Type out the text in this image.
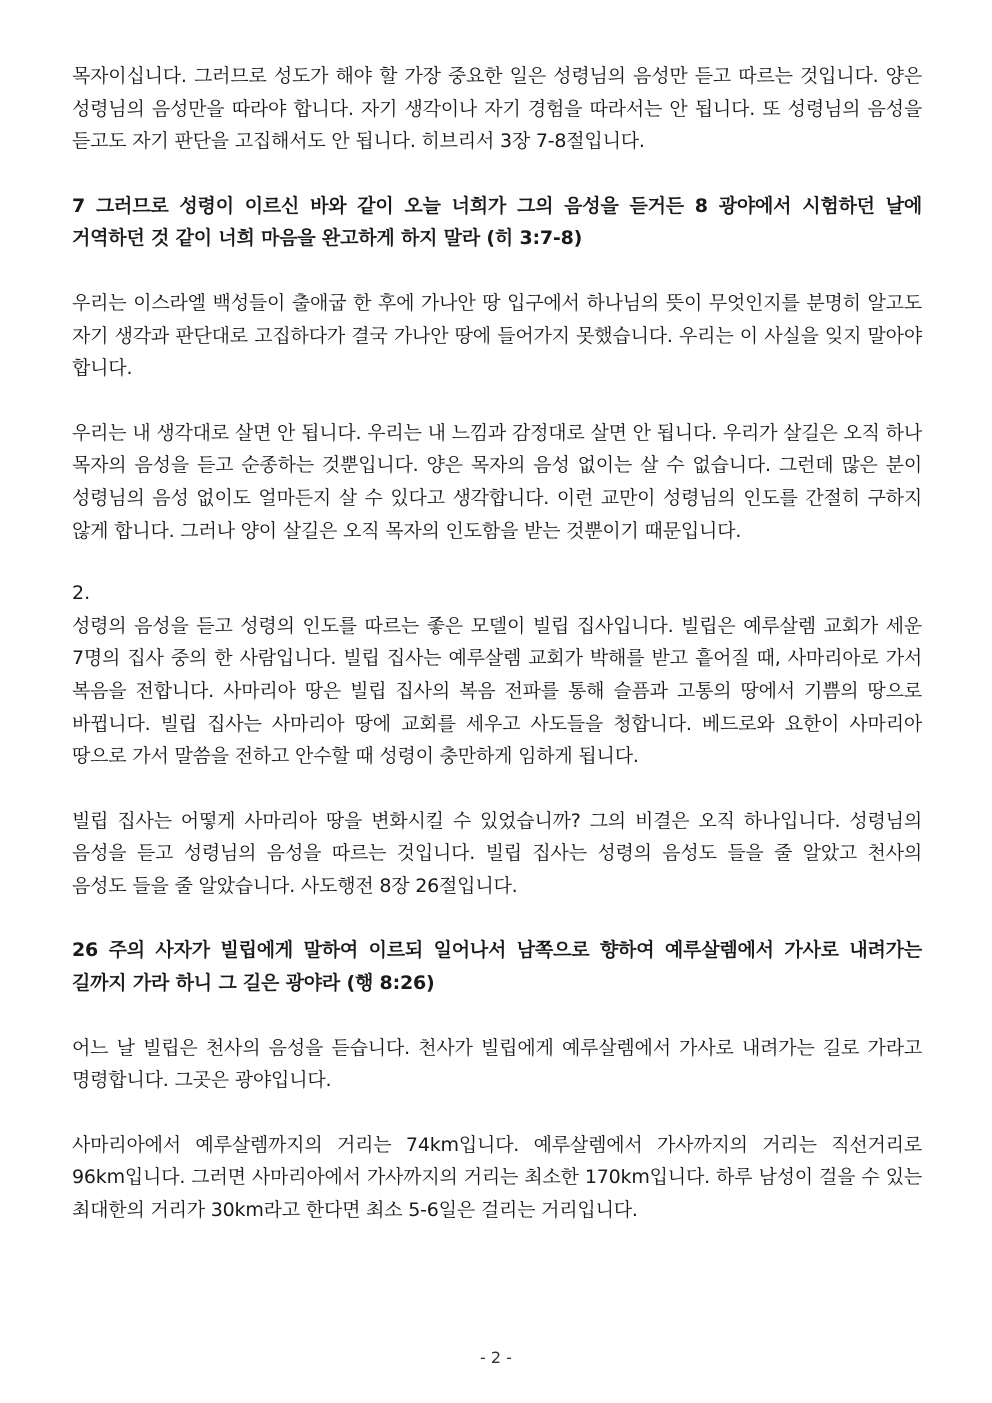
목자이십니다. 그러므로 성도가 해야 할 가장 중요한 일은 성령님의 음성만 듣고 따르는 것입니다. 양은 성령님의 음성만을 따라야 합니다. 자기 생각이나 자기 경험을 따라서는 안 됩니다. 또 성령님의 음성을 듣고도 자기 판단을 고집해서도 안 됩니다. 히브리서 3장 7-8절입니다.

7 그러므로 성령이 이르신 바와 같이 오늘 너희가 그의 음성을 듣거든 8 광야에서 시험하던 날에 거역하던 것 같이 너희 마음을 완고하게 하지 말라 (히 3:7-8)

우리는 이스라엘 백성들이 출애굽 한 후에 가나안 땅 입구에서 하나님의 뜻이 무엇인지를 분명히 알고도 자기 생각과 판단대로 고집하다가 결국 가나안 땅에 들어가지 못했습니다. 우리는 이 사실을 잊지 말아야 합니다.

우리는 내 생각대로 살면 안 됩니다. 우리는 내 느낌과 감정대로 살면 안 됩니다. 우리가 살길은 오직 하나 목자의 음성을 듣고 순종하는 것뿐입니다. 양은 목자의 음성 없이는 살 수 없습니다. 그런데 많은 분이 성령님의 음성 없이도 얼마든지 살 수 있다고 생각합니다. 이런 교만이 성령님의 인도를 간절히 구하지 않게 합니다. 그러나 양이 살길은 오직 목자의 인도함을 받는 것뿐이기 때문입니다.

2.

성령의 음성을 듣고 성령의 인도를 따르는 좋은 모델이 빌립 집사입니다. 빌립은 예루살렘 교회가 세운 7명의 집사 중의 한 사람입니다. 빌립 집사는 예루살렘 교회가 박해를 받고 흩어질 때, 사마리아로 가서 복음을 전합니다. 사마리아 땅은 빌립 집사의 복음 전파를 통해 슬픔과 고통의 땅에서 기쁨의 땅으로 바뀝니다. 빌립 집사는 사마리아 땅에 교회를 세우고 사도들을 청합니다. 베드로와 요한이 사마리아 땅으로 가서 말씀을 전하고 안수할 때 성령이 충만하게 임하게 됩니다.

빌립 집사는 어떻게 사마리아 땅을 변화시킬 수 있었습니까? 그의 비결은 오직 하나입니다. 성령님의 음성을 듣고 성령님의 음성을 따르는 것입니다. 빌립 집사는 성령의 음성도 들을 줄 알았고 천사의 음성도 들을 줄 알았습니다. 사도행전 8장 26절입니다.

26 주의 사자가 빌립에게 말하여 이르되 일어나서 남쪽으로 향하여 예루살렘에서 가사로 내려가는 길까지 가라 하니 그 길은 광야라 (행 8:26)

어느 날 빌립은 천사의 음성을 듣습니다. 천사가 빌립에게 예루살렘에서 가사로 내려가는 길로 가라고 명령합니다. 그곳은 광야입니다.

사마리아에서 예루살렘까지의 거리는 74km입니다. 예루살렘에서 가사까지의 거리는 직선거리로 96km입니다. 그러면 사마리아에서 가사까지의 거리는 최소한 170km입니다. 하루 남성이 걸을 수 있는 최대한의 거리가 30km라고 한다면 최소 5-6일은 걸리는 거리입니다.

- 2 -
